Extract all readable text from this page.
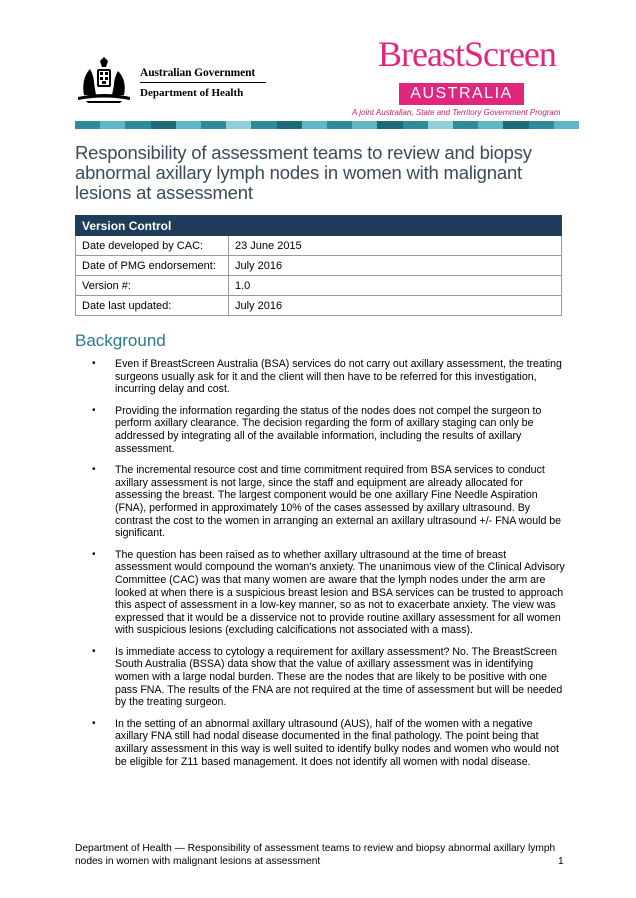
Australian Government
Department of Health
BreastScreen
AUSTRALIA
A joint Australian, State and Territory Government Program
Responsibility of assessment teams to review and biopsy abnormal axillary lymph nodes in women with malignant lesions at assessment
Version Control	
Date developed by CAC:	23 June 2015
Date of PMG endorsement:	July 2016
Version #:	1.0
Date last updated:	July 2016
Background
• Even if BreastScreen Australia (BSA) services do not carry out axillary assessment, the treating surgeons usually ask for it and the client will then have to be referred for this investigation, incurring delay and cost.
• Providing the information regarding the status of the nodes does not compel the surgeon to perform axillary clearance. The decision regarding the form of axillary staging can only be addressed by integrating all of the available information, including the results of axillary assessment.
• The incremental resource cost and time commitment required from BSA services to conduct axillary assessment is not large, since the staff and equipment are already allocated for assessing the breast. The largest component would be one axillary Fine Needle Aspiration (FNA), performed in approximately 10% of the cases assessed by axillary ultrasound. By contrast the cost to the women in arranging an external an axillary ultrasound +/- FNA would be significant.
• The question has been raised as to whether axillary ultrasound at the time of breast assessment would compound the woman's anxiety. The unanimous view of the Clinical Advisory Committee (CAC) was that many women are aware that the lymph nodes under the arm are looked at when there is a suspicious breast lesion and BSA services can be trusted to approach this aspect of assessment in a low-key manner, so as not to exacerbate anxiety. The view was expressed that it would be a disservice not to provide routine axillary assessment for all women with suspicious lesions (excluding calcifications not associated with a mass).
• Is immediate access to cytology a requirement for axillary assessment? No. The BreastScreen South Australia (BSSA) data show that the value of axillary assessment was in identifying women with a large nodal burden. These are the nodes that are likely to be positive with one pass FNA. The results of the FNA are not required at the time of assessment but will be needed by the treating surgeon.
• In the setting of an abnormal axillary ultrasound (AUS), half of the women with a negative axillary FNA still had nodal disease documented in the final pathology. The point being that axillary assessment in this way is well suited to identify bulky nodes and women who would not be eligible for Z11 based management. It does not identify all women with nodal disease.
Department of Health — Responsibility of assessment teams to review and biopsy abnormal axillary lymph nodes in women with malignant lesions at assessment	1
